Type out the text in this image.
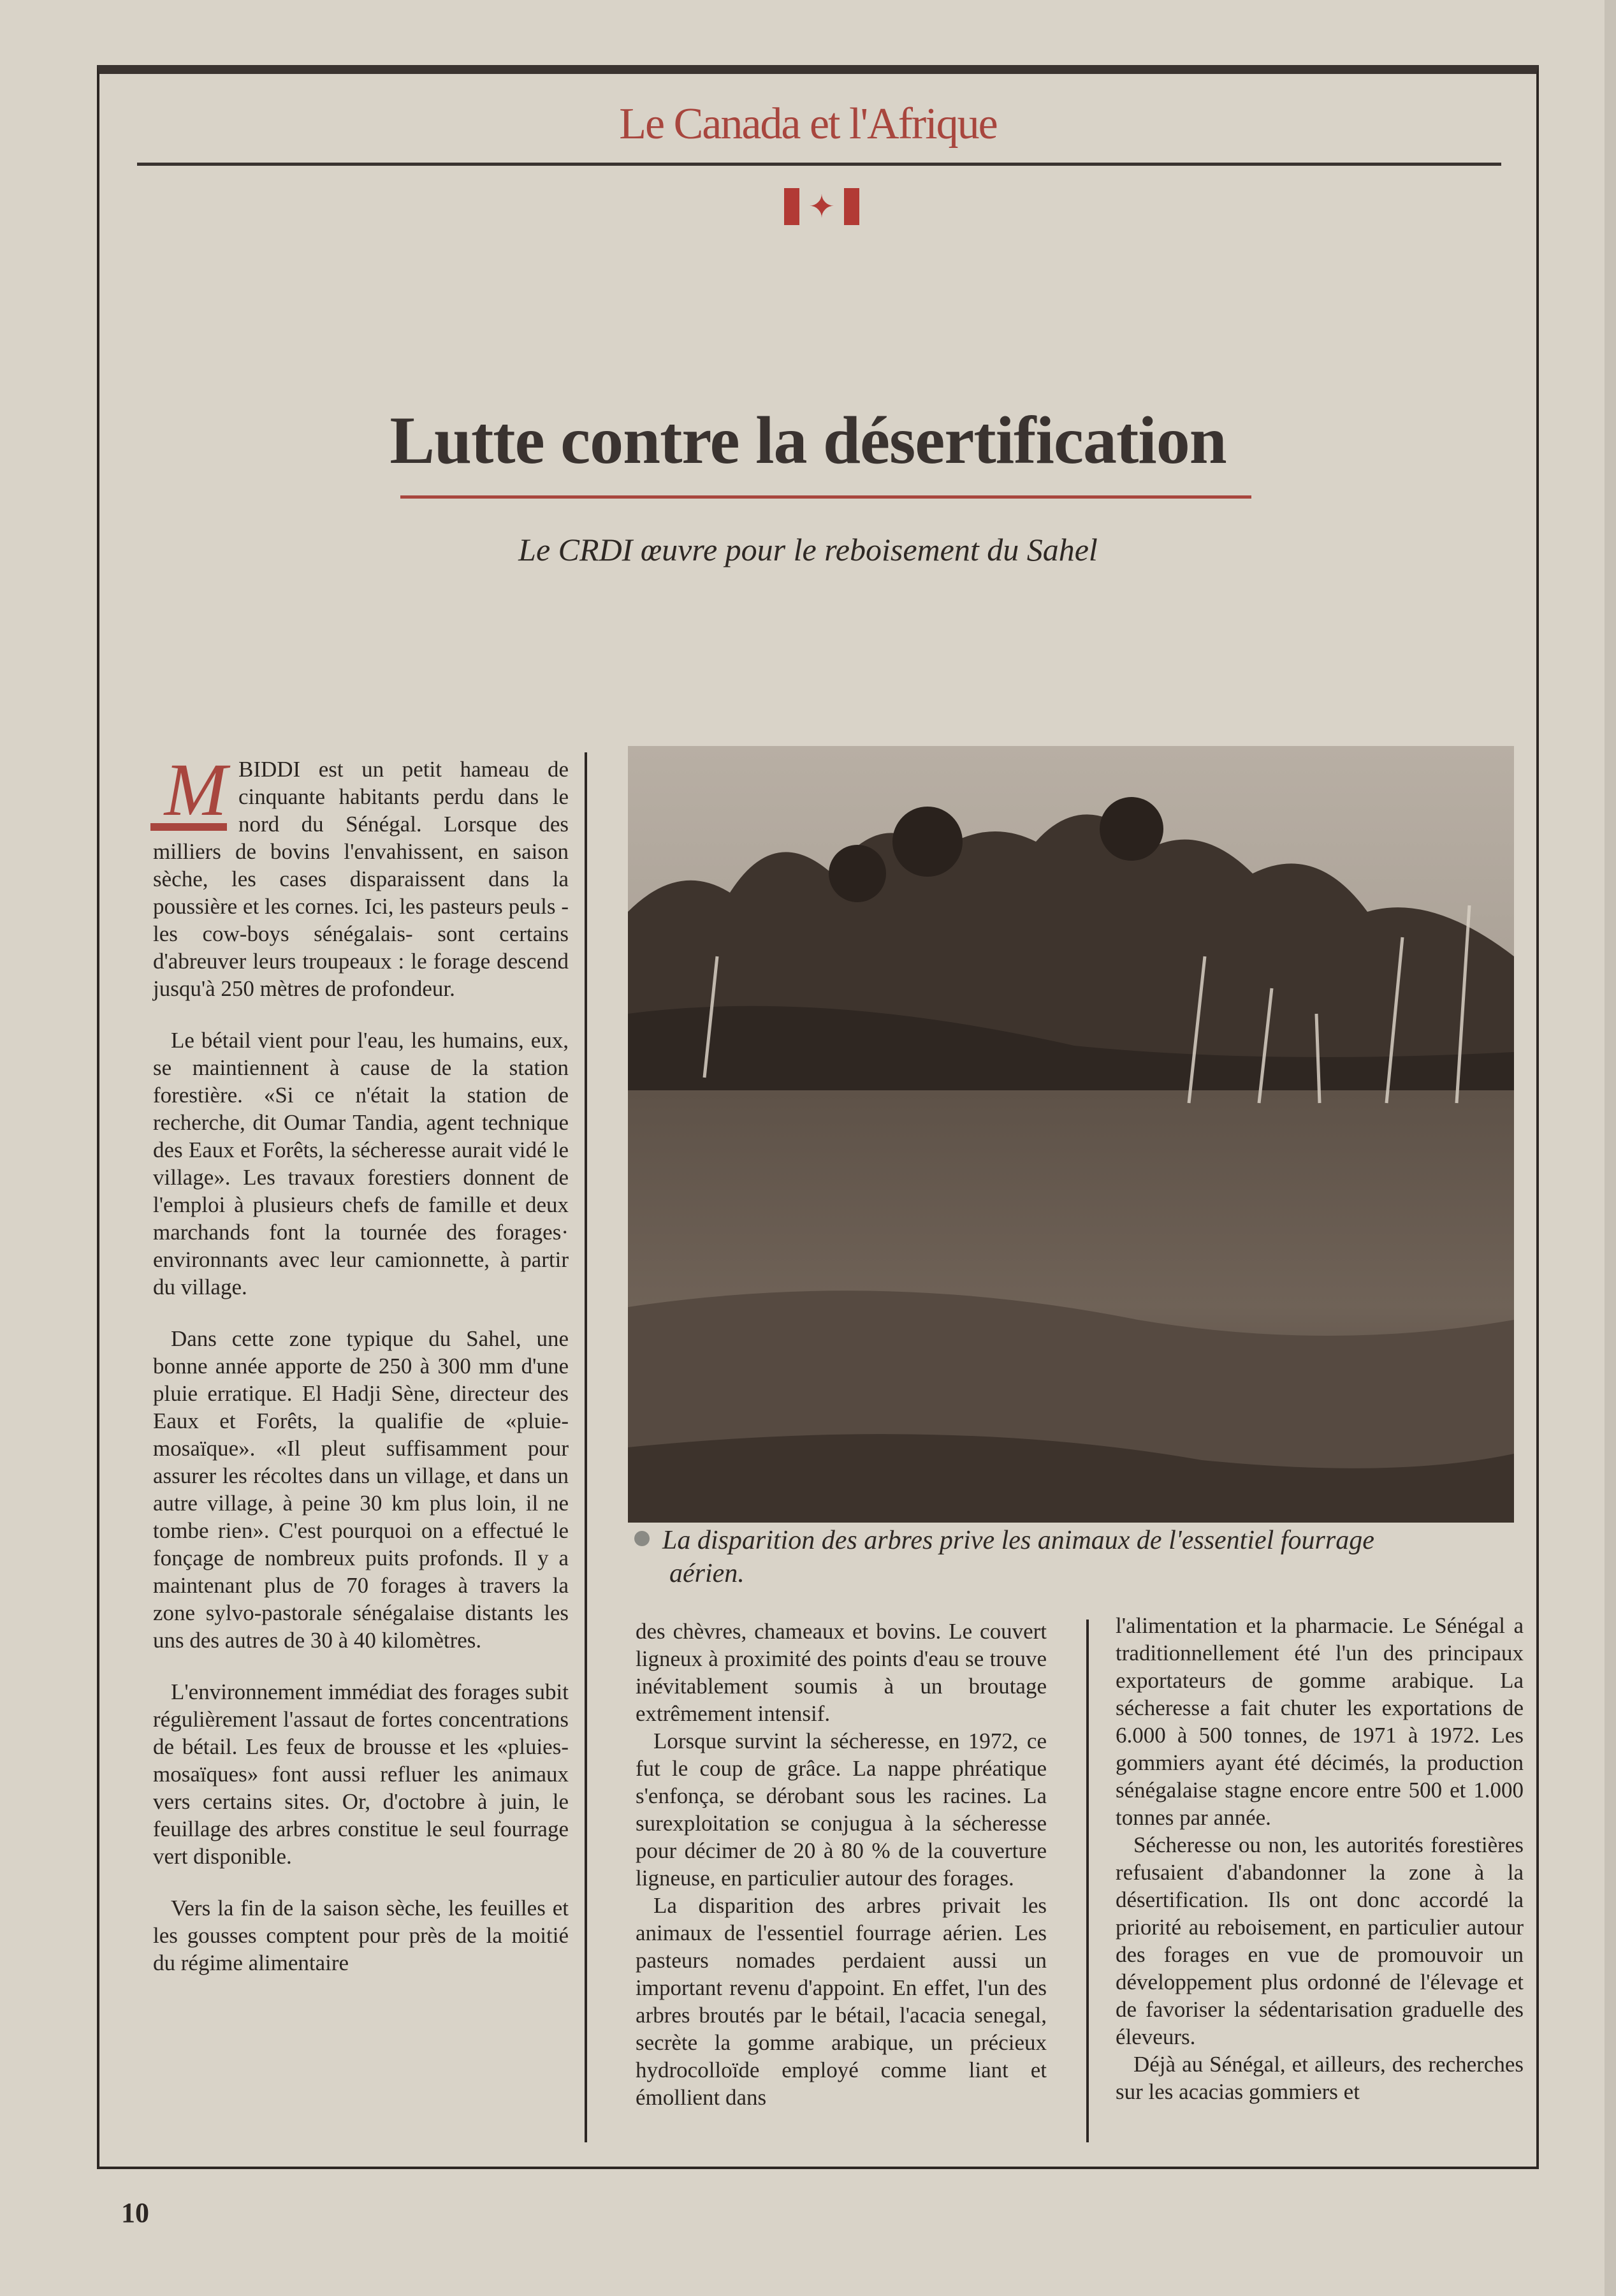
Le Canada et l'Afrique
✦
Lutte contre la désertification
Le CRDI œuvre pour le reboisement du Sahel

M BIDDI est un petit hameau de cinquante habitants perdu dans le nord du Sénégal. Lorsque des milliers de bovins l'envahissent, en saison sèche, les cases disparaissent dans la poussière et les cornes. Ici, les pasteurs peuls -les cow-boys sénégalais- sont certains d'abreuver leurs troupeaux : le forage descend jusqu'à 250 mètres de profondeur.

Le bétail vient pour l'eau, les humains, eux, se maintiennent à cause de la station forestière. «Si ce n'était la station de recherche, dit Oumar Tandia, agent technique des Eaux et Forêts, la sécheresse aurait vidé le village». Les travaux forestiers donnent de l'emploi à plusieurs chefs de famille et deux marchands font la tournée des forages· environnants avec leur camionnette, à partir du village.

Dans cette zone typique du Sahel, une bonne année apporte de 250 à 300 mm d'une pluie erratique. El Hadji Sène, directeur des Eaux et Forêts, la qualifie de «pluie-mosaïque». «Il pleut suffisamment pour assurer les récoltes dans un village, et dans un autre village, à peine 30 km plus loin, il ne tombe rien». C'est pourquoi on a effectué le fonçage de nombreux puits profonds. Il y a maintenant plus de 70 forages à travers la zone sylvo-pastorale sénégalaise distants les uns des autres de 30 à 40 kilomètres.

L'environnement immédiat des forages subit régulièrement l'assaut de fortes concentrations de bétail. Les feux de brousse et les «pluies-mosaïques» font aussi refluer les animaux vers certains sites. Or, d'octobre à juin, le feuillage des arbres constitue le seul fourrage vert disponible.

Vers la fin de la saison sèche, les feuilles et les gousses comptent pour près de la moitié du régime alimentaire

La disparition des arbres prive les animaux de l'essentiel fourrage
aérien.

des chèvres, chameaux et bovins. Le couvert ligneux à proximité des points d'eau se trouve inévitablement soumis à un broutage extrêmement intensif.

Lorsque survint la sécheresse, en 1972, ce fut le coup de grâce. La nappe phréatique s'enfonça, se dérobant sous les racines. La surexploitation se conjugua à la sécheresse pour décimer de 20 à 80 % de la couverture ligneuse, en particulier autour des forages.

La disparition des arbres privait les animaux de l'essentiel fourrage aérien. Les pasteurs nomades perdaient aussi un important revenu d'appoint. En effet, l'un des arbres broutés par le bétail, l'acacia senegal, secrète la gomme arabique, un précieux hydrocolloïde employé comme liant et émollient dans

l'alimentation et la pharmacie. Le Sénégal a traditionnellement été l'un des principaux exportateurs de gomme arabique. La sécheresse a fait chuter les exportations de 6.000 à 500 tonnes, de 1971 à 1972. Les gommiers ayant été décimés, la production sénégalaise stagne encore entre 500 et 1.000 tonnes par année.

Sécheresse ou non, les autorités forestières refusaient d'abandonner la zone à la désertification. Ils ont donc accordé la priorité au reboisement, en particulier autour des forages en vue de promouvoir un développement plus ordonné de l'élevage et de favoriser la sédentarisation graduelle des éleveurs.

Déjà au Sénégal, et ailleurs, des recherches sur les acacias gommiers et

10
